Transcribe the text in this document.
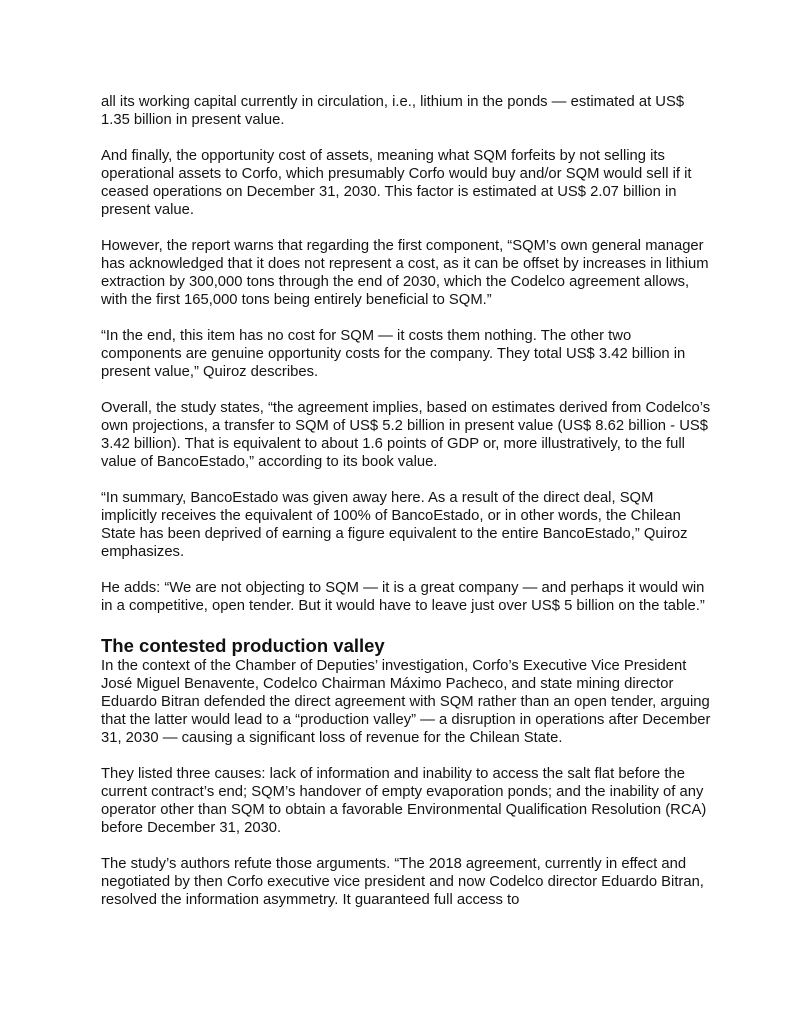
all its working capital currently in circulation, i.e., lithium in the ponds — estimated at US$ 1.35 billion in present value.

And finally, the opportunity cost of assets, meaning what SQM forfeits by not selling its operational assets to Corfo, which presumably Corfo would buy and/or SQM would sell if it ceased operations on December 31, 2030. This factor is estimated at US$ 2.07 billion in present value.

However, the report warns that regarding the first component, “SQM’s own general manager has acknowledged that it does not represent a cost, as it can be offset by increases in lithium extraction by 300,000 tons through the end of 2030, which the Codelco agreement allows, with the first 165,000 tons being entirely beneficial to SQM.”

“In the end, this item has no cost for SQM — it costs them nothing. The other two components are genuine opportunity costs for the company. They total US$ 3.42 billion in present value,” Quiroz describes.

Overall, the study states, “the agreement implies, based on estimates derived from Codelco’s own projections, a transfer to SQM of US$ 5.2 billion in present value (US$ 8.62 billion - US$ 3.42 billion). That is equivalent to about 1.6 points of GDP or, more illustratively, to the full value of BancoEstado,” according to its book value.

“In summary, BancoEstado was given away here. As a result of the direct deal, SQM implicitly receives the equivalent of 100% of BancoEstado, or in other words, the Chilean State has been deprived of earning a figure equivalent to the entire BancoEstado,” Quiroz emphasizes.

He adds: “We are not objecting to SQM — it is a great company — and perhaps it would win in a competitive, open tender. But it would have to leave just over US$ 5 billion on the table.”

The contested production valley

In the context of the Chamber of Deputies’ investigation, Corfo’s Executive Vice President José Miguel Benavente, Codelco Chairman Máximo Pacheco, and state mining director Eduardo Bitran defended the direct agreement with SQM rather than an open tender, arguing that the latter would lead to a “production valley” — a disruption in operations after December 31, 2030 — causing a significant loss of revenue for the Chilean State.

They listed three causes: lack of information and inability to access the salt flat before the current contract’s end; SQM’s handover of empty evaporation ponds; and the inability of any operator other than SQM to obtain a favorable Environmental Qualification Resolution (RCA) before December 31, 2030.

The study’s authors refute those arguments. “The 2018 agreement, currently in effect and negotiated by then Corfo executive vice president and now Codelco director Eduardo Bitran, resolved the information asymmetry. It guaranteed full access to
